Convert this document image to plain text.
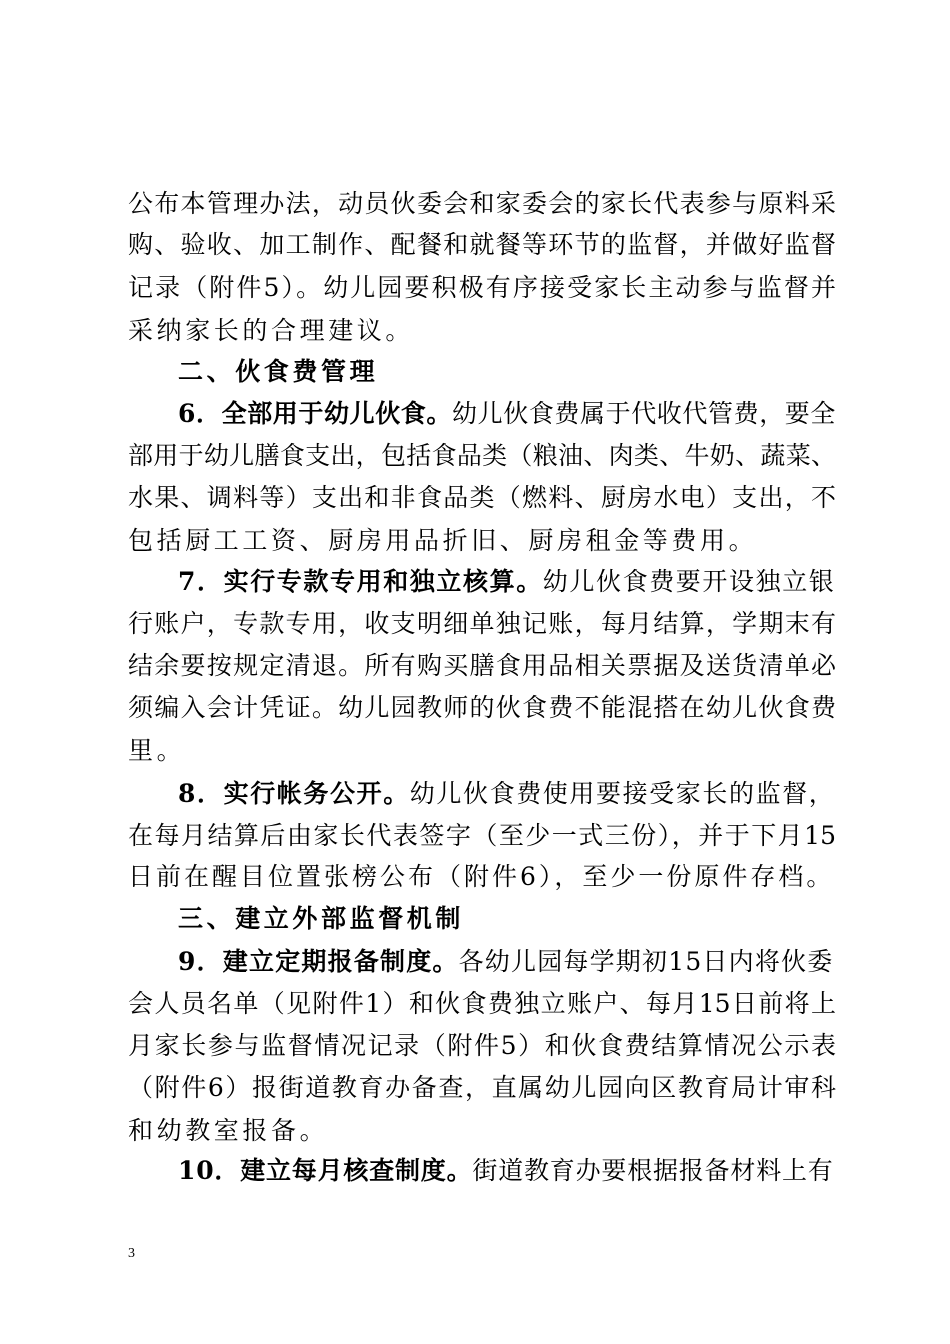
公布本管理办法，动员伙委会和家委会的家长代表参与原料采
购、验收、加工制作、配餐和就餐等环节的监督，并做好监督
记录（附件5）。幼儿园要积极有序接受家长主动参与监督并
采纳家长的合理建议。
二、伙食费管理
6．全部用于幼儿伙食。幼儿伙食费属于代收代管费，要全
部用于幼儿膳食支出，包括食品类（粮油、肉类、牛奶、蔬菜、
水果、调料等）支出和非食品类（燃料、厨房水电）支出，不
包括厨工工资、厨房用品折旧、厨房租金等费用。
7．实行专款专用和独立核算。幼儿伙食费要开设独立银
行账户，专款专用，收支明细单独记账，每月结算，学期末有
结余要按规定清退。所有购买膳食用品相关票据及送货清单必
须编入会计凭证。幼儿园教师的伙食费不能混搭在幼儿伙食费
里。
8．实行帐务公开。幼儿伙食费使用要接受家长的监督，
在每月结算后由家长代表签字（至少一式三份），并于下月15
日前在醒目位置张榜公布（附件6），至少一份原件存档。
三、建立外部监督机制
9．建立定期报备制度。各幼儿园每学期初15日内将伙委
会人员名单（见附件1）和伙食费独立账户、每月15日前将上
月家长参与监督情况记录（附件5）和伙食费结算情况公示表
（附件6）报街道教育办备查，直属幼儿园向区教育局计审科
和幼教室报备。
10．建立每月核查制度。街道教育办要根据报备材料上有
3
